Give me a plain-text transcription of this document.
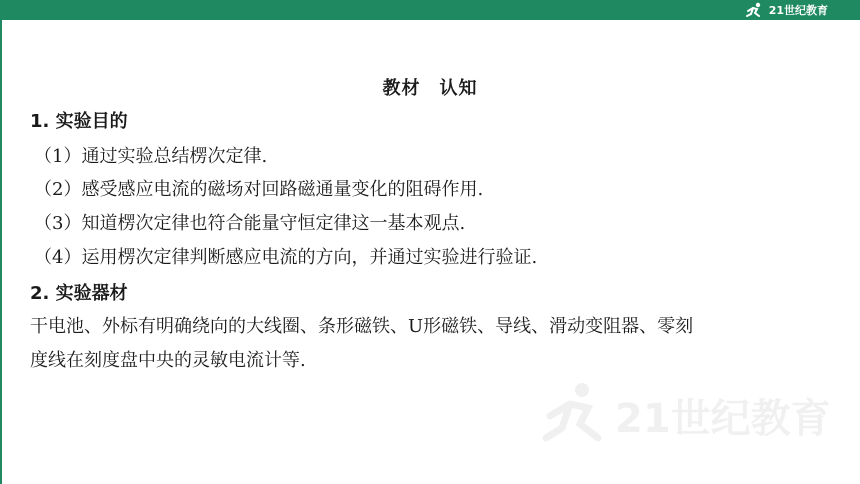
21世纪教育
21世纪教育
教材　认知
1. 实验目的
（1）通过实验总结楞次定律.
（2）感受感应电流的磁场对回路磁通量变化的阻碍作用.
（3）知道楞次定律也符合能量守恒定律这一基本观点.
（4）运用楞次定律判断感应电流的方向，并通过实验进行验证.
2. 实验器材
干电池、外标有明确绕向的大线圈、条形磁铁、U形磁铁、导线、滑动变阻器、零刻
度线在刻度盘中央的灵敏电流计等.
